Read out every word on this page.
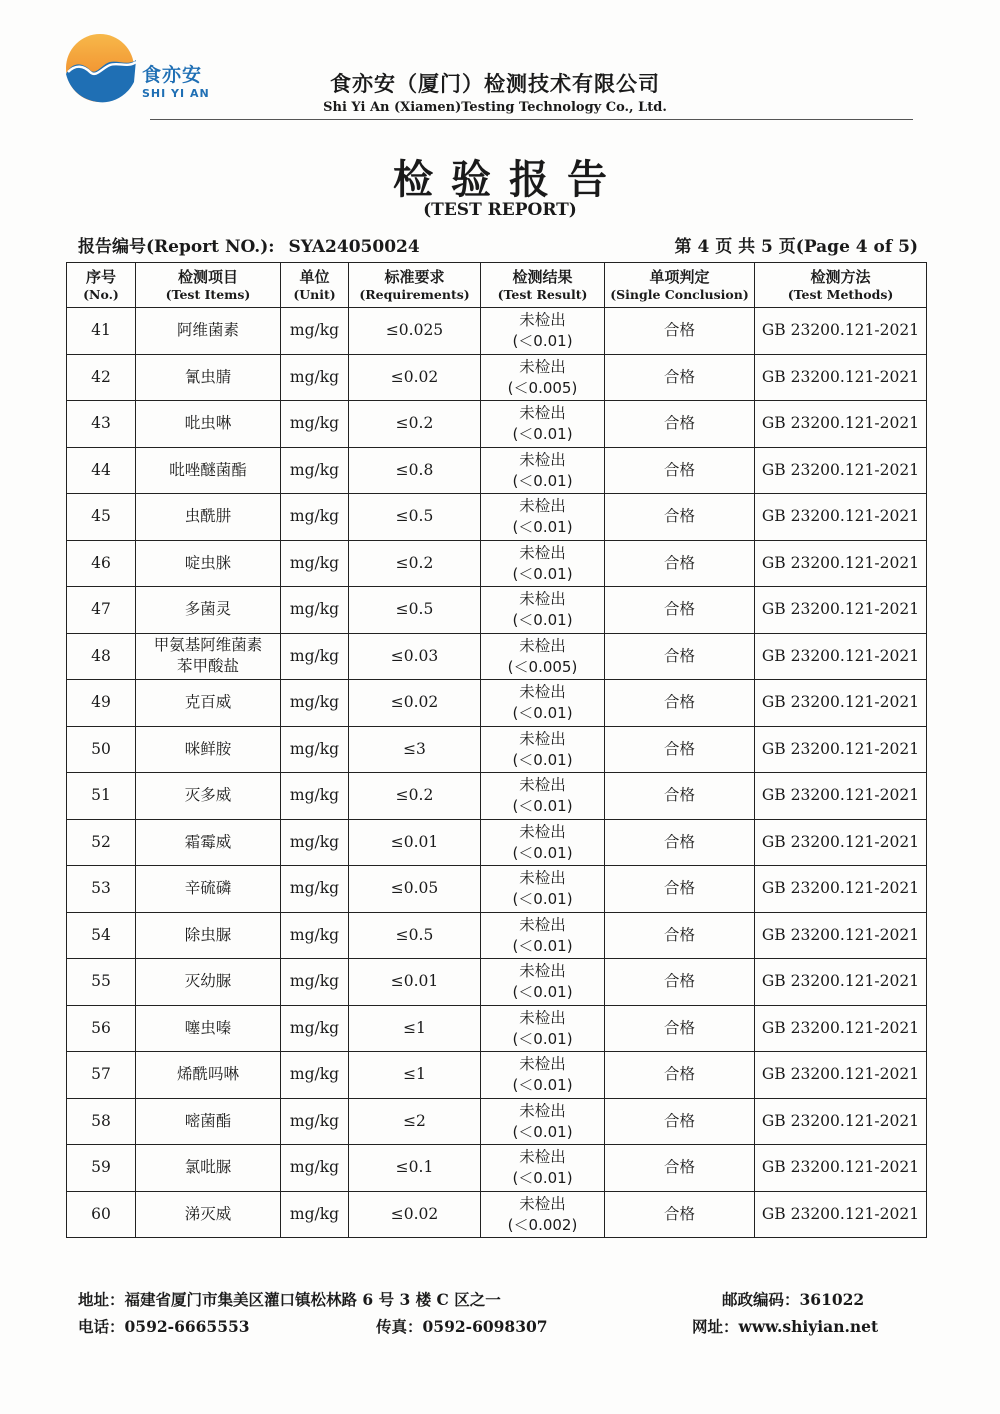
食亦安
SHI YI AN	食亦安（厦门）检测技术有限公司
Shi Yi An (Xiamen)Testing Technology Co., Ltd.
检验报告
(TEST REPORT)
报告编号(Report NO.): SYA24050024	第 4 页 共 5 页(Page 4 of 5)
序号
(No.)	检测项目
(Test Items)	单位
(Unit)	标准要求
(Requirements)	检测结果
(Test Result)	单项判定
(Single Conclusion)	检测方法
(Test Methods)

41	阿维菌素	mg/kg	≤0.025	未检出
(＜0.01)	合格	GB 23200.121-2021
42	氰虫腈	mg/kg	≤0.02	未检出
(＜0.005)	合格	GB 23200.121-2021
43	吡虫啉	mg/kg	≤0.2	未检出
(＜0.01)	合格	GB 23200.121-2021
44	吡唑醚菌酯	mg/kg	≤0.8	未检出
(＜0.01)	合格	GB 23200.121-2021
45	虫酰肼	mg/kg	≤0.5	未检出
(＜0.01)	合格	GB 23200.121-2021
46	啶虫脒	mg/kg	≤0.2	未检出
(＜0.01)	合格	GB 23200.121-2021
47	多菌灵	mg/kg	≤0.5	未检出
(＜0.01)	合格	GB 23200.121-2021
48	甲氨基阿维菌素
苯甲酸盐	mg/kg	≤0.03	未检出
(＜0.005)	合格	GB 23200.121-2021
49	克百威	mg/kg	≤0.02	未检出
(＜0.01)	合格	GB 23200.121-2021
50	咪鲜胺	mg/kg	≤3	未检出
(＜0.01)	合格	GB 23200.121-2021
51	灭多威	mg/kg	≤0.2	未检出
(＜0.01)	合格	GB 23200.121-2021
52	霜霉威	mg/kg	≤0.01	未检出
(＜0.01)	合格	GB 23200.121-2021
53	辛硫磷	mg/kg	≤0.05	未检出
(＜0.01)	合格	GB 23200.121-2021
54	除虫脲	mg/kg	≤0.5	未检出
(＜0.01)	合格	GB 23200.121-2021
55	灭幼脲	mg/kg	≤0.01	未检出
(＜0.01)	合格	GB 23200.121-2021
56	噻虫嗪	mg/kg	≤1	未检出
(＜0.01)	合格	GB 23200.121-2021
57	烯酰吗啉	mg/kg	≤1	未检出
(＜0.01)	合格	GB 23200.121-2021
58	嘧菌酯	mg/kg	≤2	未检出
(＜0.01)	合格	GB 23200.121-2021
59	氯吡脲	mg/kg	≤0.1	未检出
(＜0.01)	合格	GB 23200.121-2021
60	涕灭威	mg/kg	≤0.02	未检出
(＜0.002)	合格	GB 23200.121-2021
地址：福建省厦门市集美区灌口镇松林路 6 号 3 楼 C 区之一	邮政编码：361022
电话：0592-6665553	传真：0592-6098307	网址：www.shiyian.net
